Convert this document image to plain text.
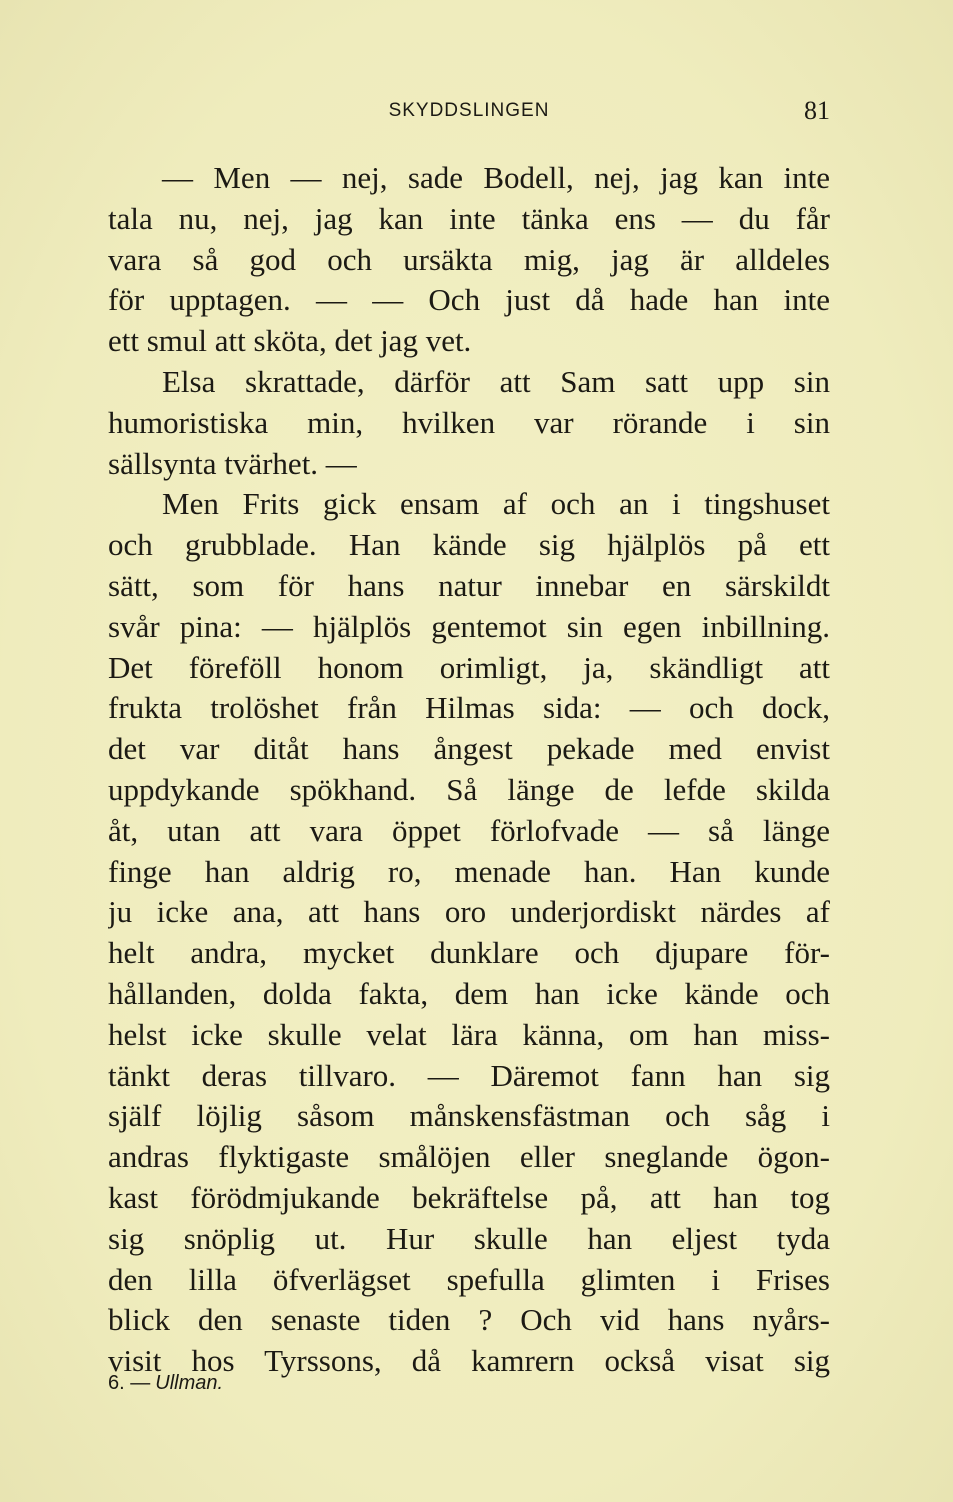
SKYDDSLINGEN	81
— Men — nej, sade Bodell, nej, jag kan inte
tala nu, nej, jag kan inte tänka ens — du får
vara så god och ursäkta mig, jag är alldeles
för upptagen. — — Och just då hade han inte
ett smul att sköta, det jag vet.
Elsa skrattade, därför att Sam satt upp sin
humoristiska min, hvilken var rörande i sin
sällsynta tvärhet. —
Men Frits gick ensam af och an i tingshuset
och grubblade. Han kände sig hjälplös på ett
sätt, som för hans natur innebar en särskildt
svår pina: — hjälplös gentemot sin egen inbillning.
Det föreföll honom orimligt, ja, skändligt att
frukta trolöshet från Hilmas sida: — och dock,
det var ditåt hans ångest pekade med envist
uppdykande spökhand. Så länge de lefde skilda
åt, utan att vara öppet förlofvade — så länge
finge han aldrig ro, menade han. Han kunde
ju icke ana, att hans oro underjordiskt närdes af
helt andra, mycket dunklare och djupare för-
hållanden, dolda fakta, dem han icke kände och
helst icke skulle velat lära känna, om han miss-
tänkt deras tillvaro. — Däremot fann han sig
själf löjlig såsom månskensfästman och såg i
andras flyktigaste smålöjen eller sneglande ögon-
kast förödmjukande bekräftelse på, att han tog
sig snöplig ut. Hur skulle han eljest tyda
den lilla öfverlägset spefulla glimten i Frises
blick den senaste tiden ? Och vid hans nyårs-
visit hos Tyrssons, då kamrern också visat sig
6. — Ullman.
